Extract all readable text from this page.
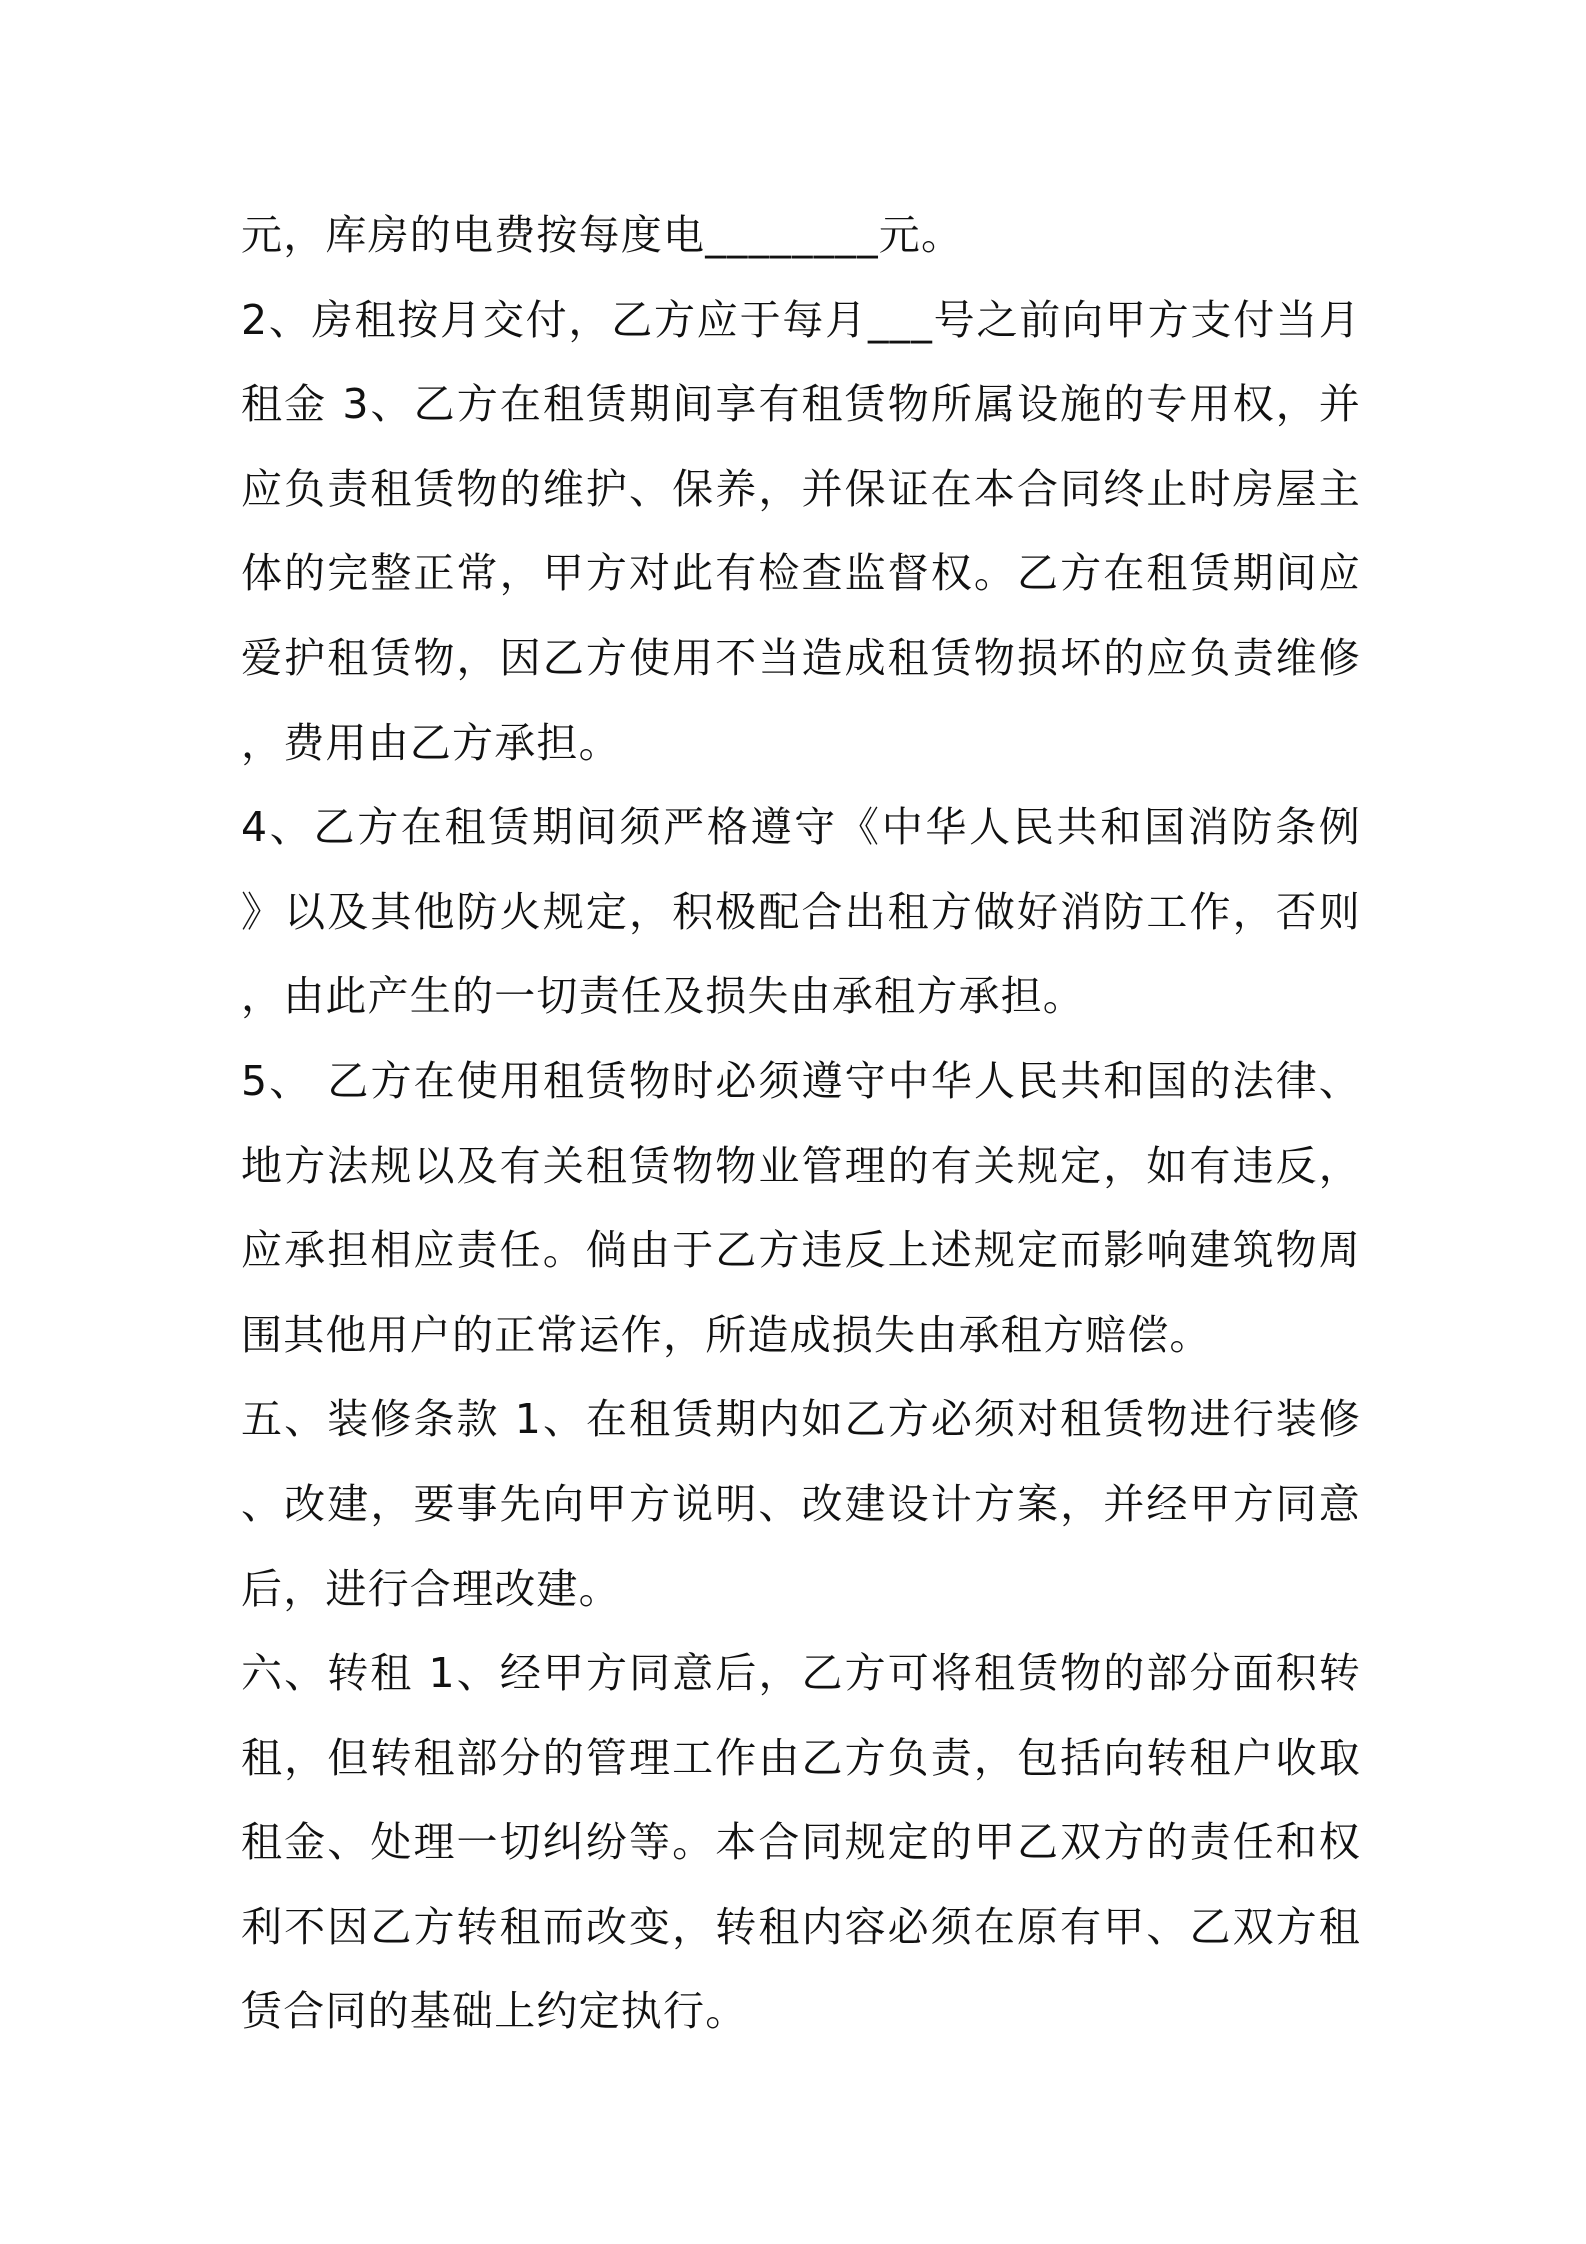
元，库房的电费按每度电________元。
2、房租按月交付，乙方应于每月___号之前向甲方支付当月
租金 3、乙方在租赁期间享有租赁物所属设施的专用权，并
应负责租赁物的维护、保养，并保证在本合同终止时房屋主
体的完整正常，甲方对此有检查监督权。乙方在租赁期间应
爱护租赁物，因乙方使用不当造成租赁物损坏的应负责维修
，费用由乙方承担。
4、乙方在租赁期间须严格遵守《中华人民共和国消防条例
》以及其他防火规定，积极配合出租方做好消防工作，否则
，由此产生的一切责任及损失由承租方承担。
5、 乙方在使用租赁物时必须遵守中华人民共和国的法律、
地方法规以及有关租赁物物业管理的有关规定，如有违反，
应承担相应责任。倘由于乙方违反上述规定而影响建筑物周
围其他用户的正常运作，所造成损失由承租方赔偿。
五、装修条款 1、在租赁期内如乙方必须对租赁物进行装修
、改建，要事先向甲方说明、改建设计方案，并经甲方同意
后，进行合理改建。
六、转租 1、经甲方同意后，乙方可将租赁物的部分面积转
租，但转租部分的管理工作由乙方负责，包括向转租户收取
租金、处理一切纠纷等。本合同规定的甲乙双方的责任和权
利不因乙方转租而改变，转租内容必须在原有甲、乙双方租
赁合同的基础上约定执行。
